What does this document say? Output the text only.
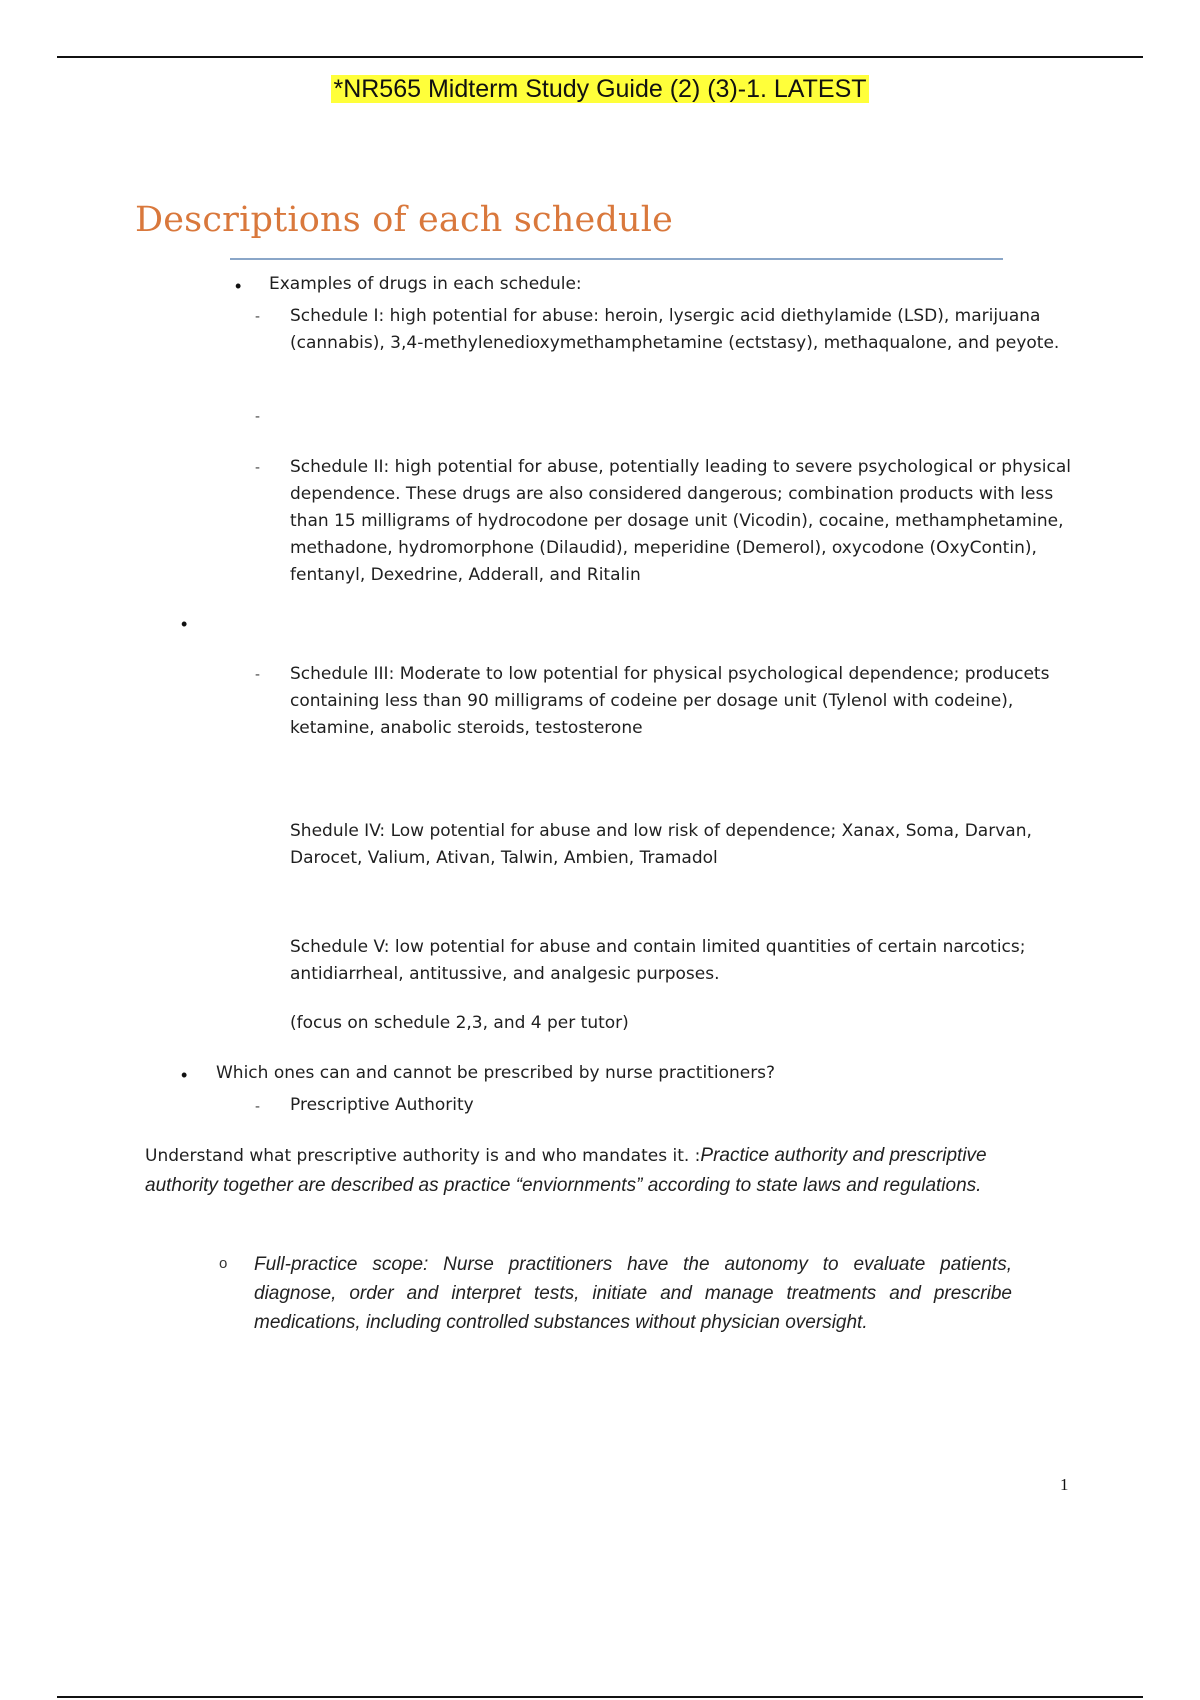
*NR565 Midterm Study Guide (2) (3)-1. LATEST
Descriptions of each schedule
• Examples of drugs in each schedule:

- Schedule I: high potential for abuse: heroin, lysergic acid diethylamide (LSD), marijuana (cannabis), 3,4-methylenedioxymethamphetamine (ectstasy), methaqualone, and peyote.

-
- Schedule II: high potential for abuse, potentially leading to severe psychological or physical dependence. These drugs are also considered dangerous; combination products with less than 15 milligrams of hydrocodone per dosage unit (Vicodin), cocaine, methamphetamine, methadone, hydromorphone (Dilaudid), meperidine (Demerol), oxycodone (OxyContin), fentanyl, Dexedrine, Adderall, and Ritalin

•
- Schedule III: Moderate to low potential for physical psychological dependence; producets containing less than 90 milligrams of codeine per dosage unit (Tylenol with codeine), ketamine, anabolic steroids, testosterone

Shedule IV: Low potential for abuse and low risk of dependence; Xanax, Soma, Darvan, Darocet, Valium, Ativan, Talwin, Ambien, Tramadol

Schedule V: low potential for abuse and contain limited quantities of certain narcotics; antidiarrheal, antitussive, and analgesic purposes.

(focus on schedule 2,3, and 4 per tutor)

• Which ones can and cannot be prescribed by nurse practitioners?

- Prescriptive Authority

Understand what prescriptive authority is and who mandates it. :Practice authority and prescriptive authority together are described as practice “enviornments” according to state laws and regulations.

o Full-practice scope: Nurse practitioners have the autonomy to evaluate patients, diagnose, order and interpret tests, initiate and manage treatments and prescribe medications, including controlled substances without physician oversight.

1
